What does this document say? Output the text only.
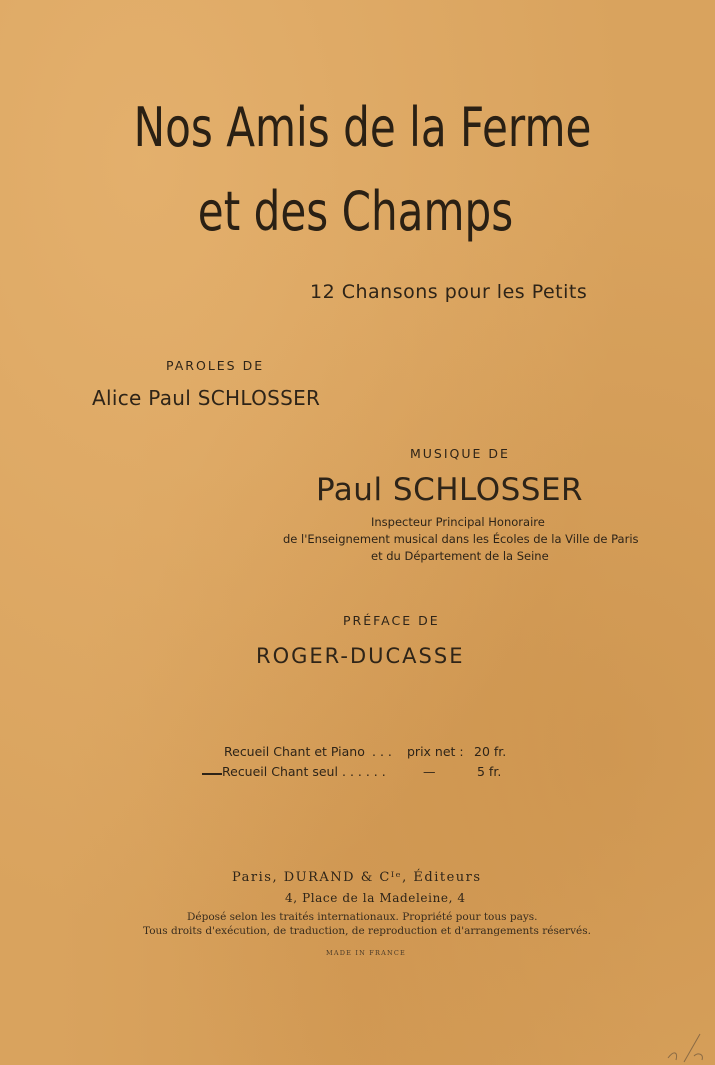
Nos Amis de la Ferme
et des Champs
12 Chansons pour les Petits
PAROLES DE
Alice Paul SCHLOSSER
MUSIQUE DE
Paul SCHLOSSER
Inspecteur Principal Honoraire
de l'Enseignement musical dans les Écoles de la Ville de Paris
et du Département de la Seine
PRÉFACE DE
ROGER-DUCASSE
Recueil Chant et Piano . . . prix net : 20 fr.
Recueil Chant seul . . . . . .	—	5 fr.
Paris, DURAND & Cᴵᵉ, Éditeurs
4, Place de la Madeleine, 4
Déposé selon les traités internationaux. Propriété pour tous pays.
Tous droits d'exécution, de traduction, de reproduction et d'arrangements réservés.
MADE IN FRANCE
